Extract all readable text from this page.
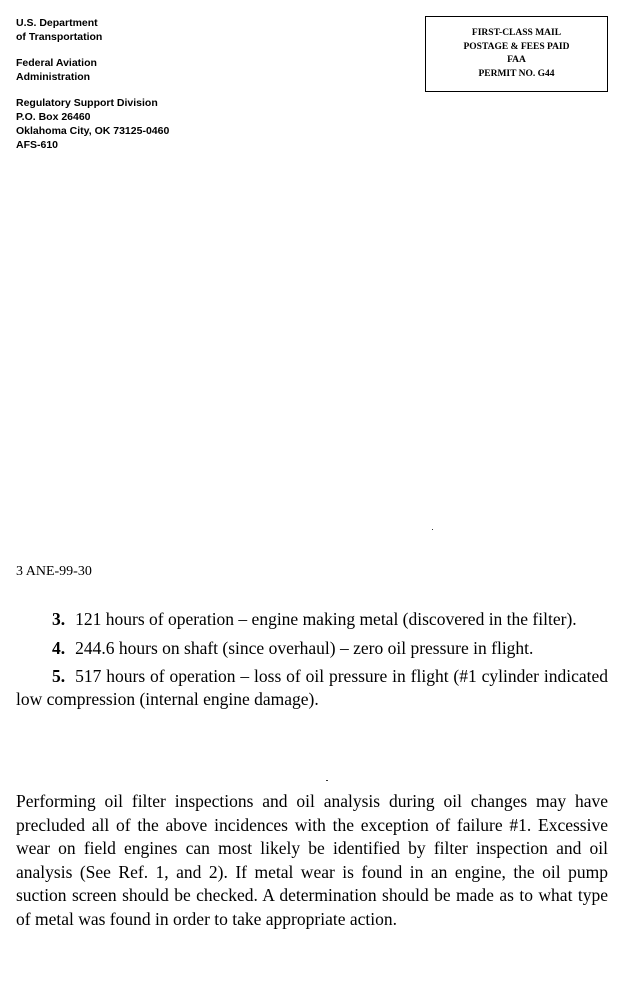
U.S. Department
of Transportation
Federal Aviation
Administration
Regulatory Support Division
P.O. Box 26460
Oklahoma City, OK 73125-0460
AFS-610
FIRST-CLASS MAIL
POSTAGE & FEES PAID
FAA
PERMIT NO. G44
3 ANE-99-30

3. 121 hours of operation – engine making metal (discovered in the filter).

4. 244.6 hours on shaft (since overhaul) – zero oil pressure in flight.

5. 517 hours of operation – loss of oil pressure in flight (#1 cylinder indicated low compression (internal engine damage).

Performing oil filter inspections and oil analysis during oil changes may have precluded all of the above incidences with the exception of failure #1. Excessive wear on field engines can most likely be identified by filter inspection and oil analysis (See Ref. 1, and 2). If metal wear is found in an engine, the oil pump suction screen should be checked. A determination should be made as to what type of metal was found in order to take appropriate action.
